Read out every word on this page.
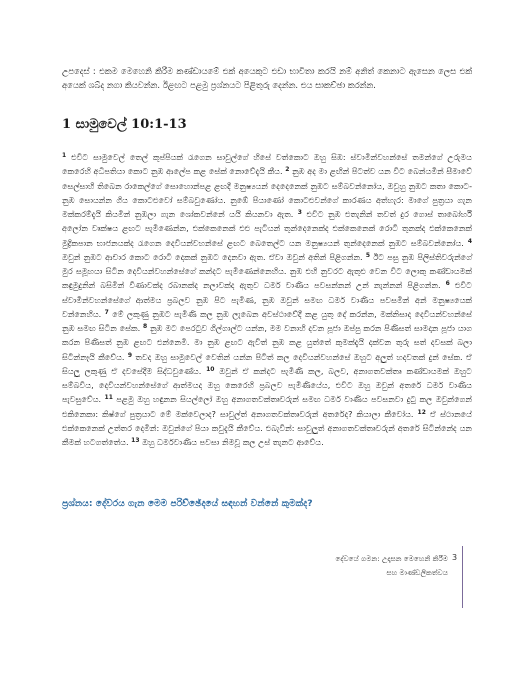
උපදෙස් : එකම මෙහෙනි කිරීම කණ්ඩායමේ එක් අයෙකුට එඩා භාවිතා කරයි නම් අනිත් කෙනාට ඇසෙන ලෙස එක් අයෙක් ශබ්ද නගා කියවන්න. ඊළඟට පළමු ප්‍රශ්නයට පිළිතුරු දෙන්න. එය සාකච්ඡා කරන්න.
1 සාමුවෙල් 10:1-13
$^1$ එවිට සාමුවෙල් තෙල් කුප්පියක් රැගෙන සාවුල්ගේ හිසේ වත්කොට ඔහු සිඹ: ස්වාමීන්වහන්සේ තමන්ගේ උරුමය කෙරෙහි අධිපතියා කොට නුඹ ආලේප කළ සේක් නොවේදැයි කීය. $^2$ නුඹ අද මා ළඟින් පිටත්ව යන විට බෙන්යමින් සීමාවේ සෙල්සාහි තිබෙන රාකෙල්ගේ සොහොන්පළ ළඟදී මනුෂ්‍යයන් දෙදෙනෙක් නුඹට සම්බවන්නෝය, ඔවුහු නුඹට කතා කොට- නුඹ සොයන්න ගිය කොටළුවෝ සම්බවුණෝය. නුඹේ පියාණෝ කොටළුවන්ගේ කාරණය අත්හැර: මාගේ පුත්‍රයා ගැන මක්කරම්දැයි කියමින් නුඹලා ගැන ශෝකවන්නේ යයි කියනවා ඇත. $^3$ එවිට නුඹ එතැනින් තවත් දුර ගොස් තාබෝර්හි අලෝන වෘක්ෂය ළඟට පැමිණෙන්න, එක්කෙනෙක් එළු පැටියන් තුන්දෙනෙක්ද එක්කෙනෙක් රොටි තුනක්ද එක්කෙනෙක් මුද්‍රිකපාන භාජනයක්ද රැගෙන දෙවියන්වහන්සේ ළඟට බෙතෙල්ට යන මනුෂ්‍යයන් තුන්දෙනෙක් නුඹට සම්බවන්නෝය. $^4$ ඔවුන් නුඹට ආචාර කොට රොටි දෙකක් නුඹට දෙනවා ඇත. ඒවා ඔවුන් අතින් පිළිගන්න. $^5$ ඊට පසු නුඹ පිලිස්තිවරුන්ගේ මුර සමූහයා සිටින දෙවියන්වහන්සේගේ කන්දට පැමිණෙන්නෙහිය. නුඹ එහි නුවරට ඇතුළු වෙන විට ලොකු කණ්ඩායමක් කඳුමුදුනින් බසිමින් වීණාවක්ද රබානක්ද නලාවක්ද ඇතුව ධර්ම වාණිය පවසන්නන් උන් නැන්නන් පිළිගන්න. $^6$ එවිට ස්වාමීන්වහන්සේගේ ආත්මය ප්‍රබලව නුඹ පිට පැමිණ, නුඹ ඔවුන් සමඟ ධර්ම වාණිය පවසමින් අන් මනුෂ්‍යයෙක් වන්නෙහිය. $^7$ මේ ලකුණු නුඹට පැමිණි කල නුඹ ලැබෙන අවස්ථාවේදී කළ යුතු දේ කරන්න, මක්නිසාද දෙවියන්වහන්සේ නුඹ සමඟ සිටින සේක. $^8$ නුඹ මට පෙරටුව ගිල්ගාල්ට යන්න, මම වනාහි දවන පූජා ඔප්පු කරන පිණිසත් සාමදාන පූජා යාග කරන පිණිසත් නුඹ ළඟට එන්නෙමි. මා නුඹ ළඟට ඇවිත් නුඹ කළ යුත්තේ කුමක්දැයි දක්වන තුරු සත් දවසක් බලා සිටින්නෑයි කීවේය. $^9$ තවද ඔහු සාමුවෙල් වෙතින් යන්න පිටිත් කල දෙවියන්වහන්සේ ඔහුට අලුත් හදවතක් දුන් සේක. ඒ සියලු ලකුණු ඒ දවසේදීම සිද්ධවුණේය. $^{10}$ ඔවුන් ඒ කන්දට පැමිණි කල, බලව, අනාගතවක්තෘ කණ්ඩායමක් ඔහුට සම්බවිය, දෙවියන්වහන්සේගේ ආත්මයද ඔහු කෙරෙහි ප්‍රබලව පැමිණියේය, එවිට ඔහු ඔවුන් අතරේ ධර්ම වාණිය පැවසුවේය. $^{11}$ පළමු ඔහු හඳුනන සියල්ලෝ ඔහු අනාගතවක්තෘවරුන් සමඟ ධර්ම වාණිය පවසනවා දුටු කල ඔවුන්ගෙන් එකිනෙකා: කිෂ්ගේ පුත්‍රයාට මේ මක්වෙලාද? සාවුල්ත් අනාගතවක්තෘවරුන් අතරේද? කියාලා කීවෝය. $^{12}$ ඒ ස්ථානයේ එක්කෙනෙක් උත්තර දෙමින්: ඔවුන්ගේ පියා කවුදැයි කීවේය. එබැවින්: සාවුලුත් අනාගතවක්තෘවරුන් අතරේ සිටින්නේද යන කීමක් හටගත්තේය. $^{13}$ ඔහු ධර්මවාණිය පවසා නිමවූ කල උස් තැනට ආවේය.
ප්‍රශ්නය: දේවරය ගැන මෙම පරිච්ඡේදයේ සඳහන් වන්නේ කුමක්ද?
දේවයේ ගමන: උදෑසන මෙහෙනි කිරීම
සහ මාණ්ඩලිකත්වය
3
